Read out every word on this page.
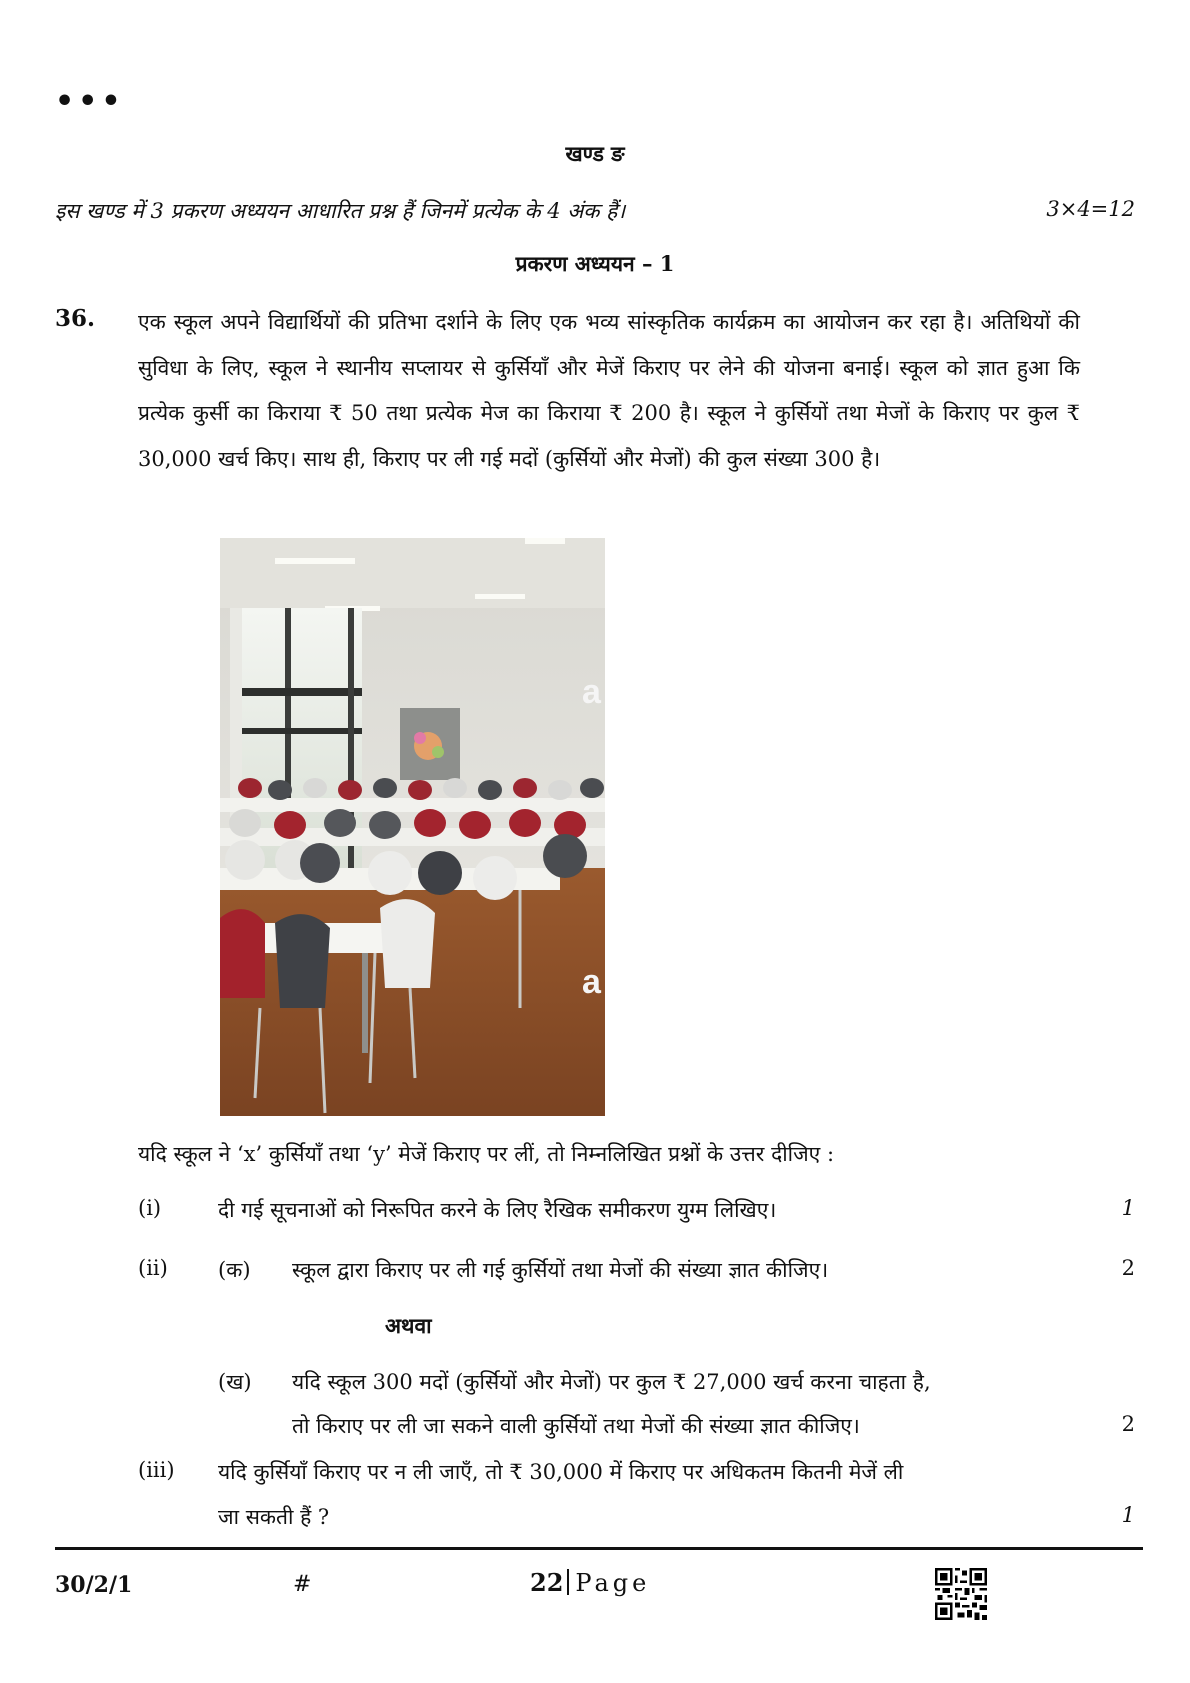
•••
खण्ड ङ
इस खण्ड में 3 प्रकरण अध्ययन आधारित प्रश्न हैं जिनमें प्रत्येक के 4 अंक हैं।	3×4=12
प्रकरण अध्ययन – 1
36. एक स्कूल अपने विद्यार्थियों की प्रतिभा दर्शाने के लिए एक भव्य सांस्कृतिक कार्यक्रम का आयोजन कर रहा है। अतिथियों की सुविधा के लिए, स्कूल ने स्थानीय सप्लायर से कुर्सियाँ और मेजें किराए पर लेने की योजना बनाई। स्कूल को ज्ञात हुआ कि प्रत्येक कुर्सी का किराया ₹ 50 तथा प्रत्येक मेज का किराया ₹ 200 है। स्कूल ने कुर्सियों तथा मेजों के किराए पर कुल ₹ 30,000 खर्च किए। साथ ही, किराए पर ली गई मदों (कुर्सियों और मेजों) की कुल संख्या 300 है।
a
a
यदि स्कूल ने ‘x’ कुर्सियाँ तथा ‘y’ मेजें किराए पर लीं, तो निम्नलिखित प्रश्नों के उत्तर दीजिए :
(i)	दी गई सूचनाओं को निरूपित करने के लिए रैखिक समीकरण युग्म लिखिए।	1
(ii) (क) स्कूल द्वारा किराए पर ली गई कुर्सियों तथा मेजों की संख्या ज्ञात कीजिए।	2
अथवा
(ख) यदि स्कूल 300 मदों (कुर्सियों और मेजों) पर कुल ₹ 27,000 खर्च करना चाहता है,
तो किराए पर ली जा सकने वाली कुर्सियों तथा मेजों की संख्या ज्ञात कीजिए।	2
(iii) यदि कुर्सियाँ किराए पर न ली जाएँ, तो ₹ 30,000 में किराए पर अधिकतम कितनी मेजें ली
जा सकती हैं ?	1
30/2/1	#	22 Page
